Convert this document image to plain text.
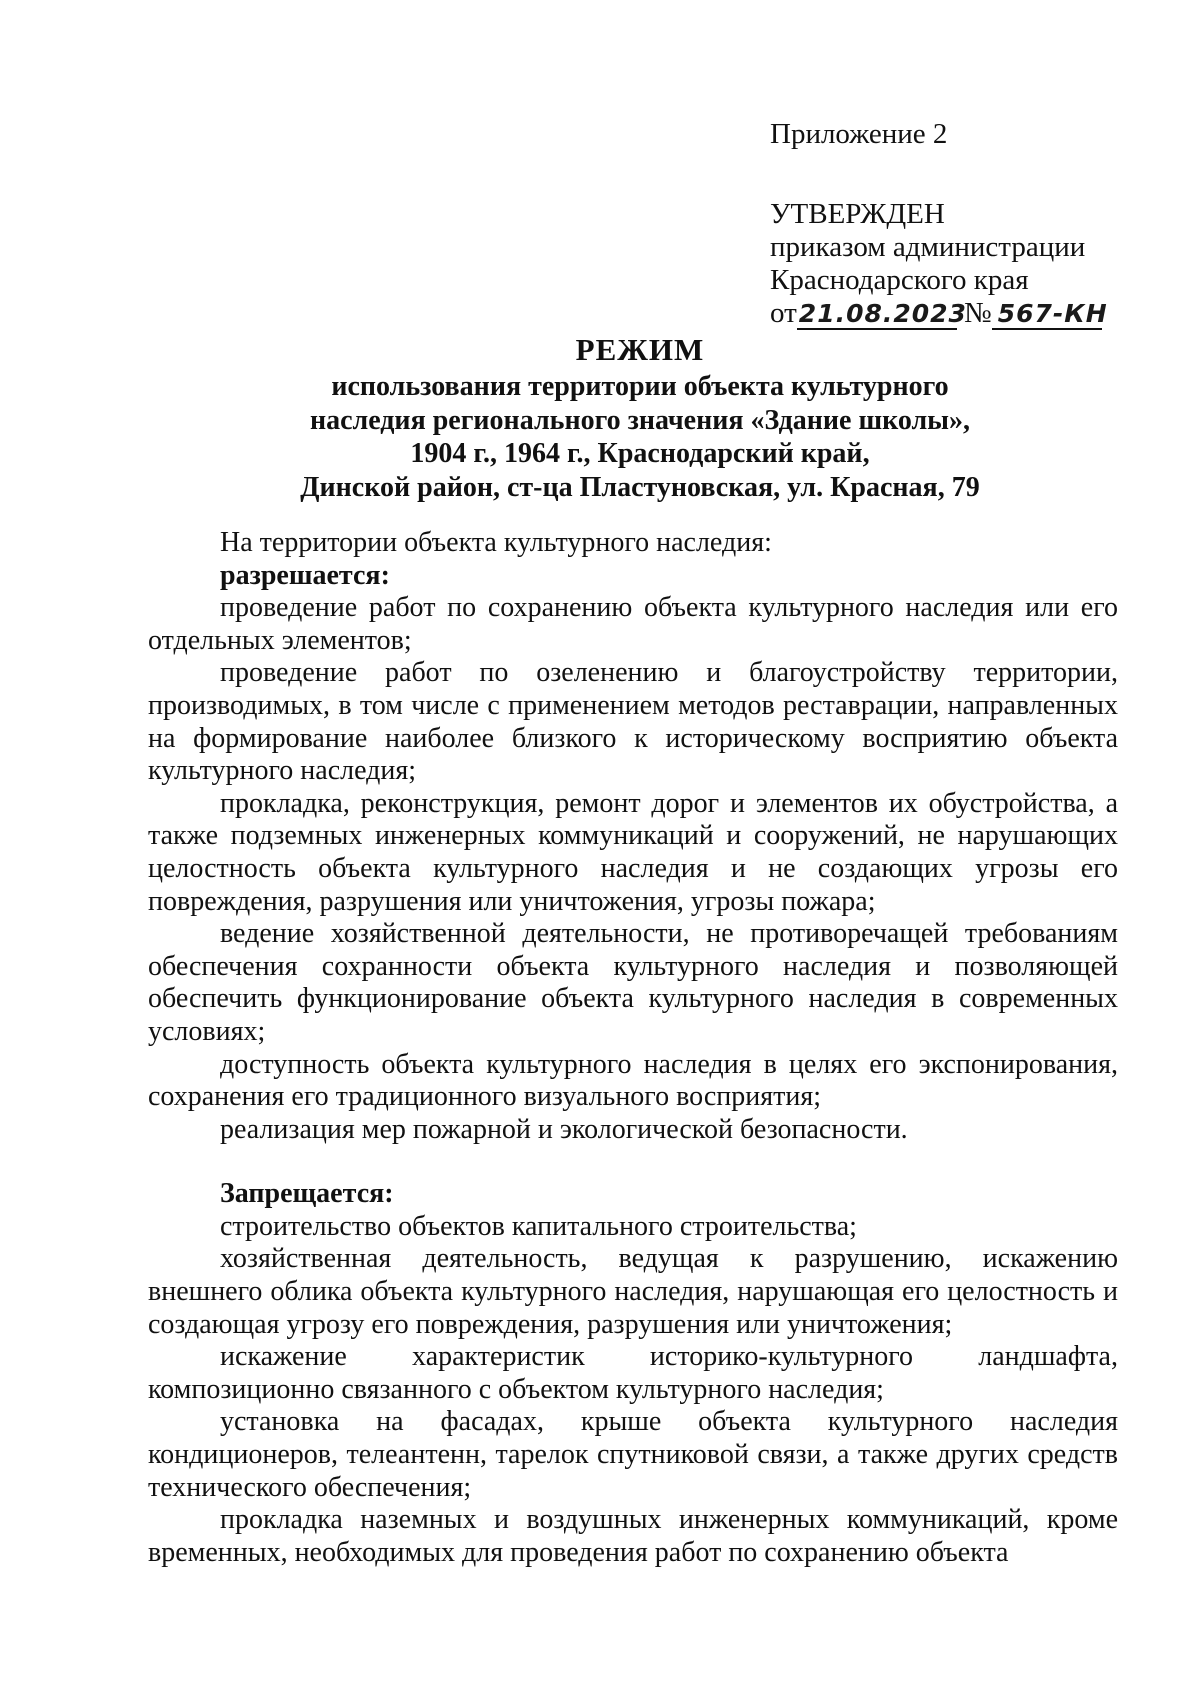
Приложение 2
УТВЕРЖДЕН
приказом администрации
Краснодарского края
от21.08.2023 № 567-КН
РЕЖИМ
использования территории объекта культурного
наследия регионального значения «Здание школы»,
1904 г., 1964 г., Краснодарский край,
Динской район, ст-ца Пластуновская, ул. Красная, 79

На территории объекта культурного наследия:

разрешается:

проведение работ по сохранению объекта культурного наследия или его отдельных элементов;

проведение работ по озеленению и благоустройству территории, производимых, в том числе с применением методов реставрации, направленных на формирование наиболее близкого к историческому восприятию объекта культурного наследия;

прокладка, реконструкция, ремонт дорог и элементов их обустройства, а также подземных инженерных коммуникаций и сооружений, не нарушающих целостность объекта культурного наследия и не создающих угрозы его повреждения, разрушения или уничтожения, угрозы пожара;

ведение хозяйственной деятельности, не противоречащей требованиям обеспечения сохранности объекта культурного наследия и позволяющей обеспечить функционирование объекта культурного наследия в современных условиях;

доступность объекта культурного наследия в целях его экспонирования, сохранения его традиционного визуального восприятия;

реализация мер пожарной и экологической безопасности.

Запрещается:

строительство объектов капитального строительства;

хозяйственная деятельность, ведущая к разрушению, искажению внешнего облика объекта культурного наследия, нарушающая его целостность и создающая угрозу его повреждения, разрушения или уничтожения;

искажение характеристик историко-культурного ландшафта, композиционно связанного с объектом культурного наследия;

установка на фасадах, крыше объекта культурного наследия кондиционеров, телеантенн, тарелок спутниковой связи, а также других средств технического обеспечения;

прокладка наземных и воздушных инженерных коммуникаций, кроме временных, необходимых для проведения работ по сохранению объекта
